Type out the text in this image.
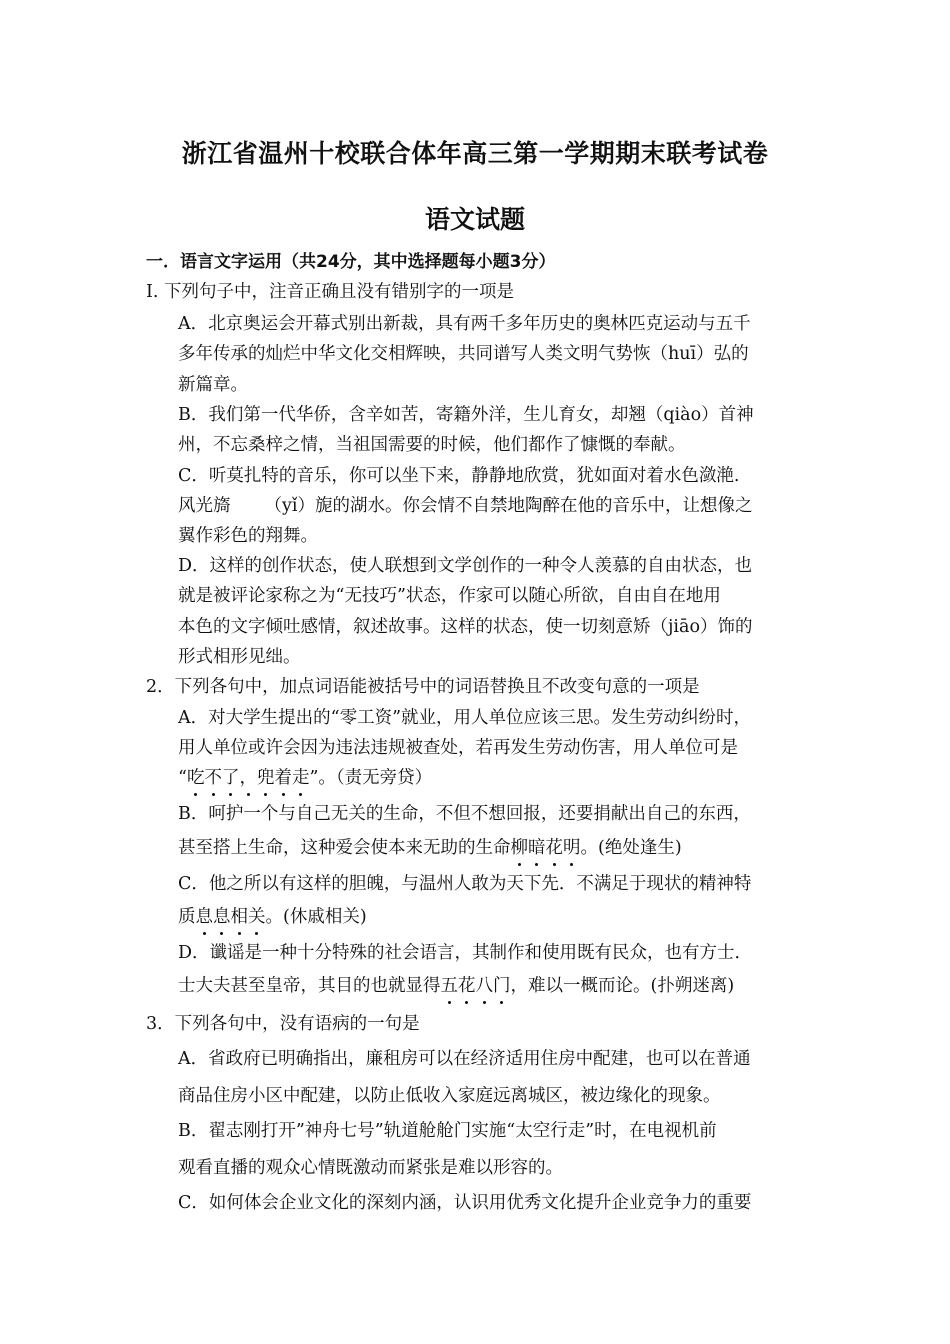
浙江省温州十校联合体年高三第一学期期末联考试卷
语文试题
一．语言文字运用（共24分，其中选择题每小题3分）
I. 下列句子中，注音正确且没有错别字的一项是
A．北京奥运会开幕式别出新裁，具有两千多年历史的奥林匹克运动与五千
多年传承的灿烂中华文化交相辉映，共同谱写人类文明气势恢（huī）弘的
新篇章。
B．我们第一代华侨，含辛如苦，寄籍外洋，生儿育女，却翘（qiào）首神
州，不忘桑梓之情，当祖国需要的时候，他们都作了慷慨的奉献。
C．听莫扎特的音乐，你可以坐下来，静静地欣赏，犹如面对着水色潋滟.
风光旖 （yǐ）旎的湖水。你会情不自禁地陶醉在他的音乐中，让想像之
翼作彩色的翔舞。
D．这样的创作状态，使人联想到文学创作的一种令人羡慕的自由状态，也
就是被评论家称之为“无技巧”状态，作家可以随心所欲，自由自在地用
本色的文字倾吐感情，叙述故事。这样的状态，使一切刻意矫（jiāo）饰的
形式相形见绌。
2．下列各句中，加点词语能被括号中的词语替换且不改变句意的一项是
A．对大学生提出的“零工资”就业，用人单位应该三思。发生劳动纠纷时，
用人单位或许会因为违法违规被查处，若再发生劳动伤害，用人单位可是
“吃不了，兜着走”。（责无旁贷）
B．呵护一个与自己无关的生命，不但不想回报，还要捐献出自己的东西，
甚至搭上生命，这种爱会使本来无助的生命柳暗花明。(绝处逢生)
C．他之所以有这样的胆魄，与温州人敢为天下先．不满足于现状的精神特
质息息相关。(休戚相关)
D．谶谣是一种十分特殊的社会语言，其制作和使用既有民众，也有方士．
士大夫甚至皇帝，其目的也就显得五花八门，难以一概而论。(扑朔迷离)
3．下列各句中，没有语病的一句是
A．省政府已明确指出，廉租房可以在经济适用住房中配建，也可以在普通
商品住房小区中配建，以防止低收入家庭远离城区，被边缘化的现象。
B．翟志刚打开”神舟七号”轨道舱舱门实施“太空行走”时，在电视机前
观看直播的观众心情既激动而紧张是难以形容的。
C．如何体会企业文化的深刻内涵，认识用优秀文化提升企业竞争力的重要
